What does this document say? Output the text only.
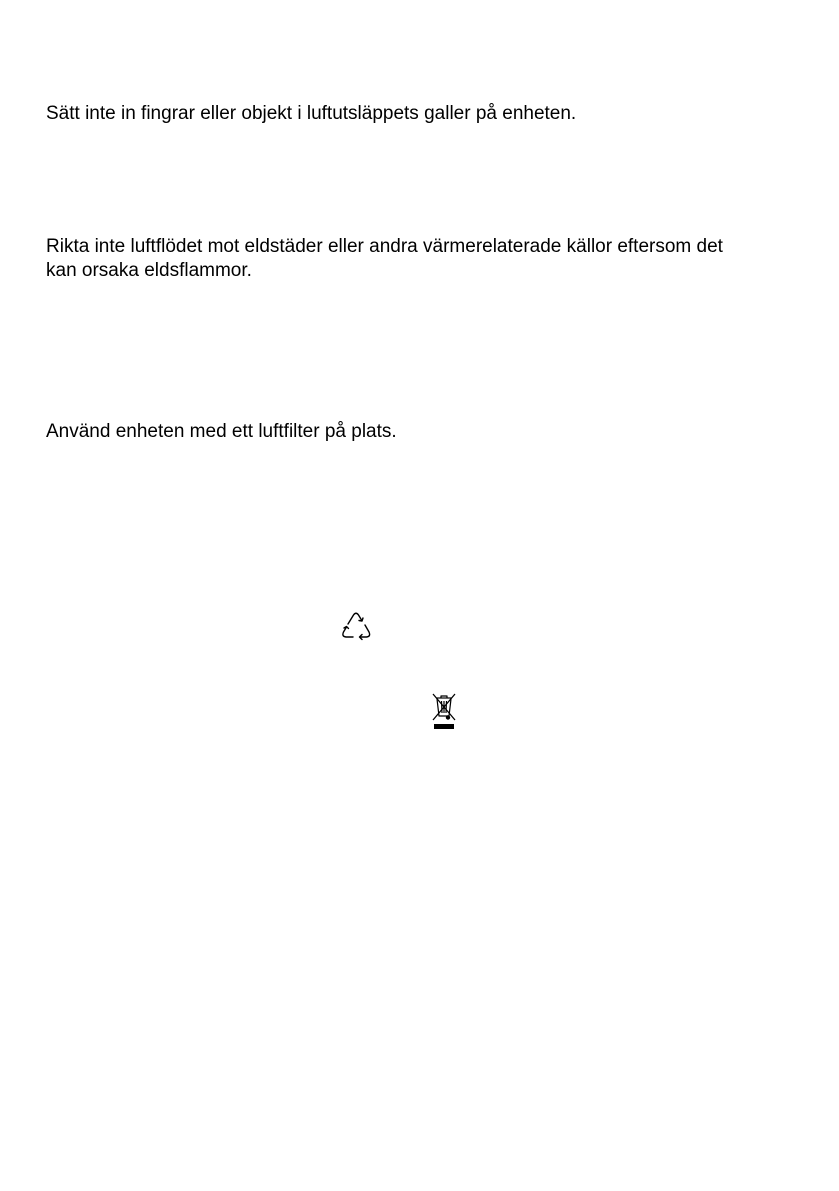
Sätt inte in fingrar eller objekt i luftutsläppets galler på enheten.

Rikta inte luftflödet mot eldstäder eller andra värmerelaterade källor eftersom det
kan orsaka eldsflammor.

Använd enheten med ett luftfilter på plats.
